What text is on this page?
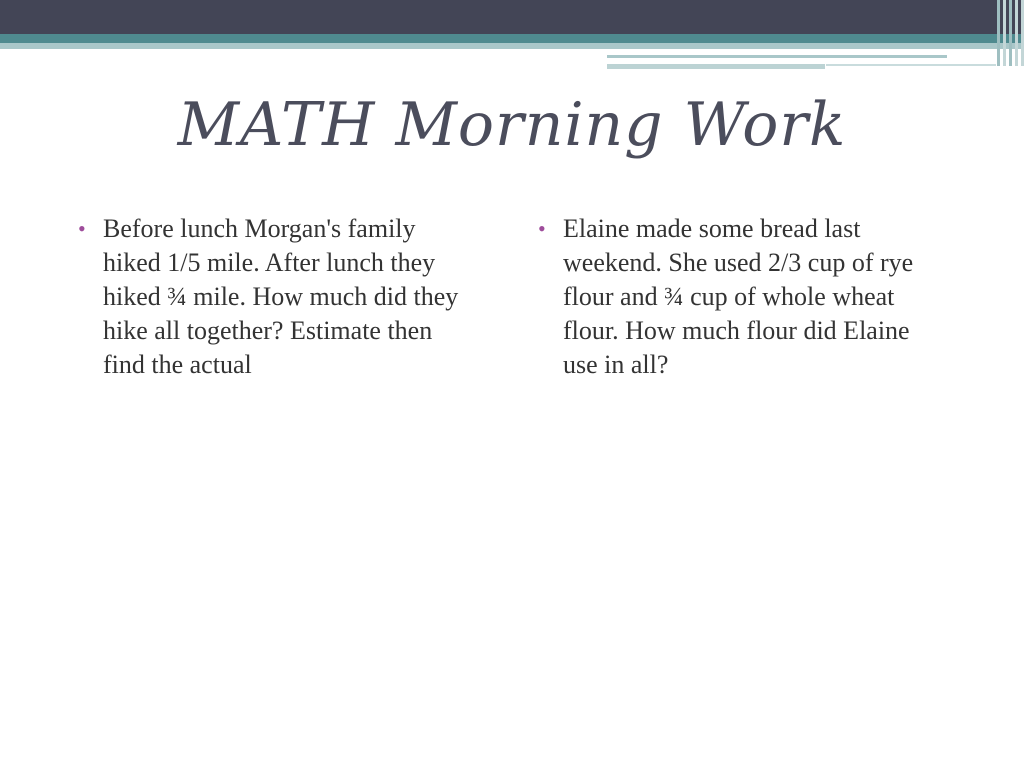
MATH Morning Work
• Before lunch Morgan's family hiked 1/5 mile. After lunch they hiked ¾ mile. How much did they hike all together? Estimate then find the actual
• Elaine made some bread last weekend. She used 2/3 cup of rye flour and ¾ cup of whole wheat flour. How much flour did Elaine use in all?
